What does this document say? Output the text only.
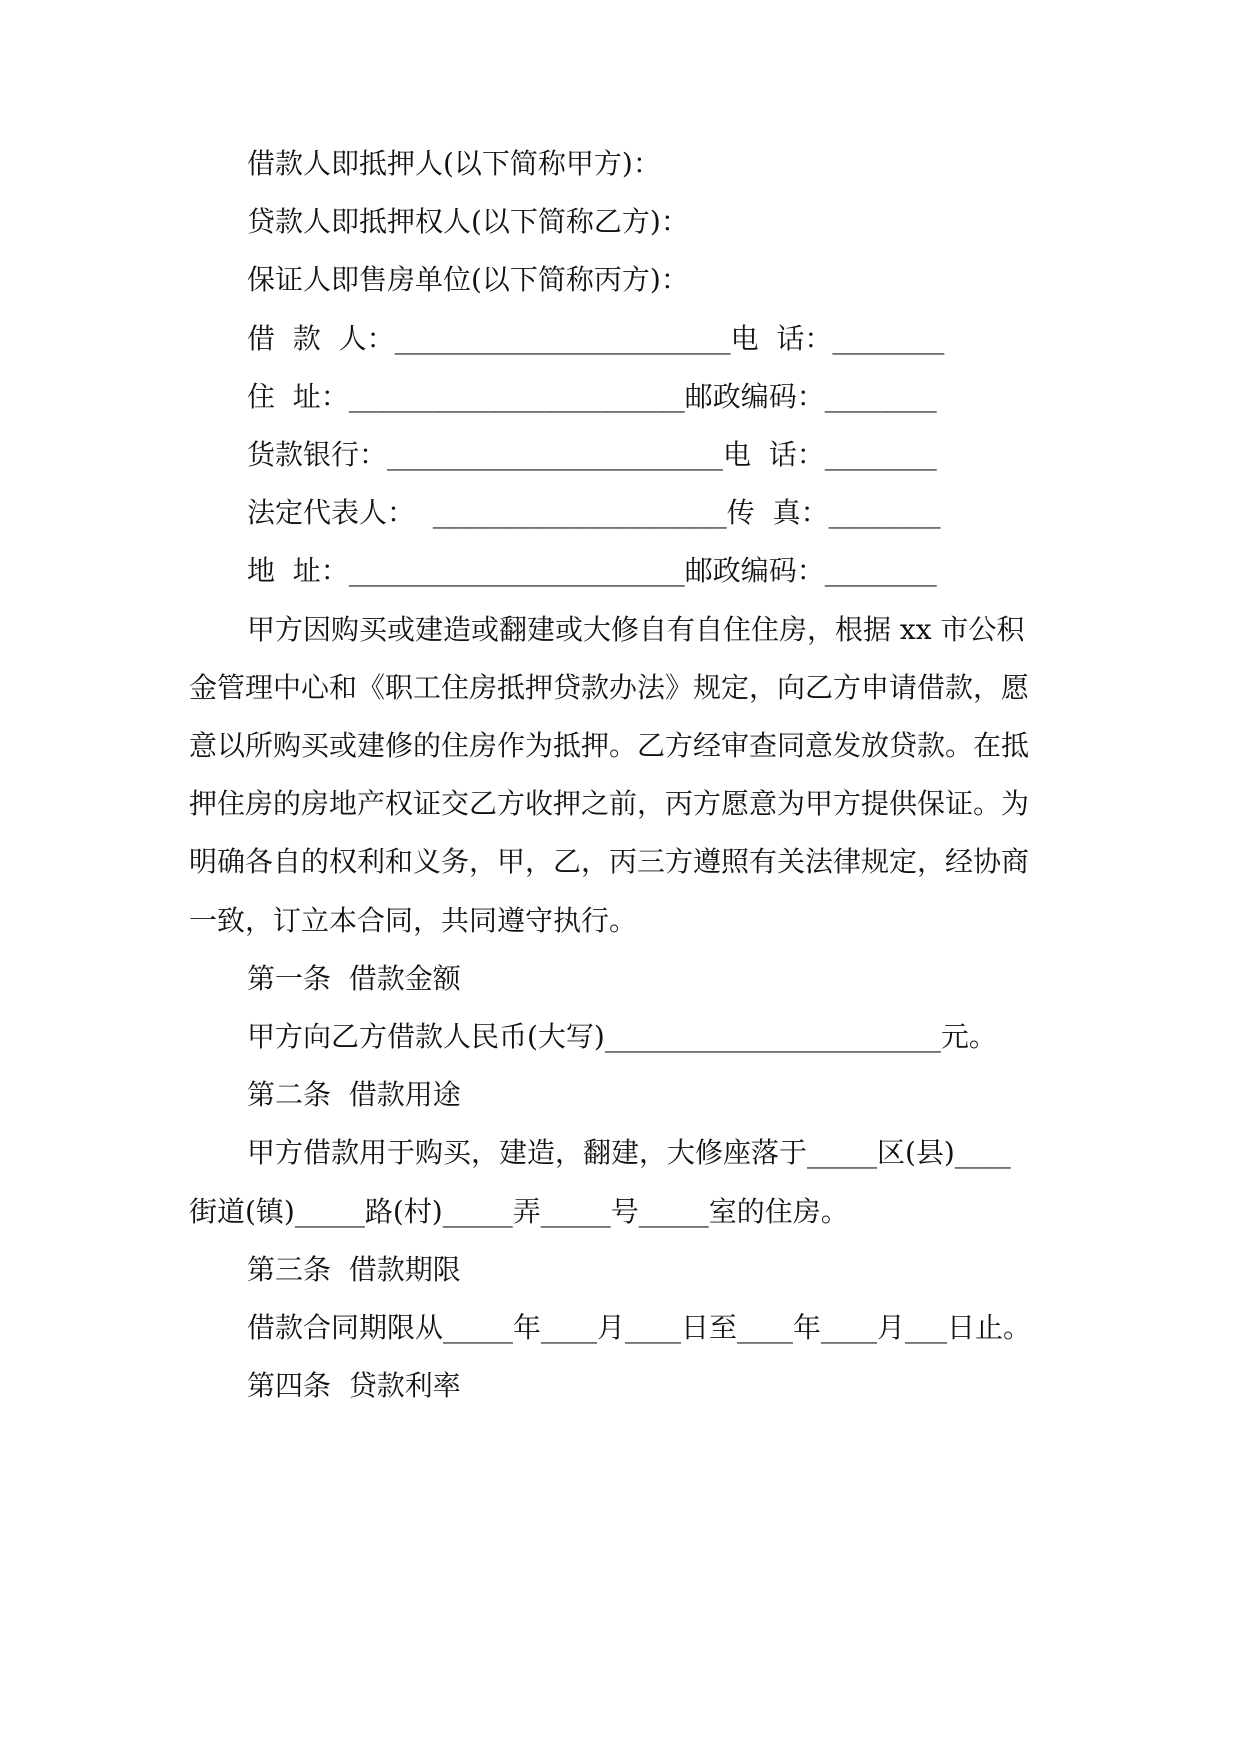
借款人即抵押人(以下简称甲方)：
贷款人即抵押权人(以下简称乙方)：
保证人即售房单位(以下简称丙方)：
借  款  人：________________________电  话：________
住  址：________________________邮政编码：________
货款银行：________________________电  话：________
法定代表人：  _____________________传  真：________
地  址：________________________邮政编码：________
甲方因购买或建造或翻建或大修自有自住住房，根据 xx 市公积
金管理中心和《职工住房抵押贷款办法》规定，向乙方申请借款，愿
意以所购买或建修的住房作为抵押。乙方经审查同意发放贷款。在抵
押住房的房地产权证交乙方收押之前，丙方愿意为甲方提供保证。为
明确各自的权利和义务，甲，乙，丙三方遵照有关法律规定，经协商
一致，订立本合同，共同遵守执行。
第一条  借款金额
甲方向乙方借款人民币(大写)________________________元。
第二条  借款用途
甲方借款用于购买，建造，翻建，大修座落于_____区(县)____
街道(镇)_____路(村)_____弄_____号_____室的住房。
第三条  借款期限
借款合同期限从_____年____月____日至____年____月___日止。
第四条  贷款利率
